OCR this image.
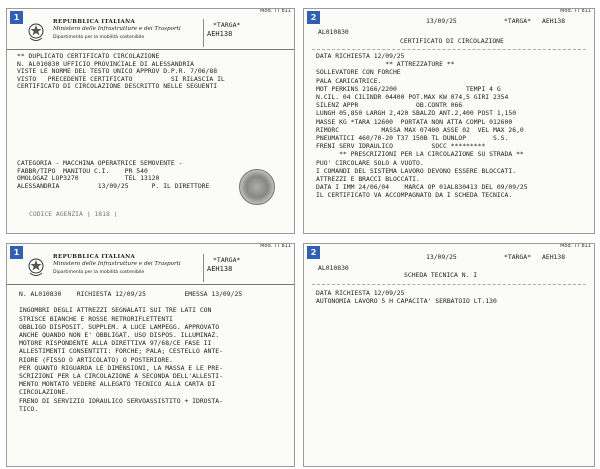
1
Mod. TT 811
REPUBBLICA ITALIANA
Ministero delle Infrastrutture e dei Trasporti
Dipartimento per la mobilità sostenibile
*TARGA*
AEH138
** DUPLICATO CERTIFICATO CIRCOLAZIONE
N. AL010830 UFFICIO PROVINCIALE DI ALESSANDRIA
VISTE LE NORME DEL TESTO UNICO APPROV D.P.R. 7/06/88
VISTO   PRECEDENTE CERTIFICATO          SI RILASCIA IL
CERTIFICATO DI CIRCOLAZIONE DESCRITTO NELLE SEGUENTI
CATEGORIA - MACCHINA OPERATRICE SEMOVENTE -
FABBR/TIPO  MANITOU C.I.    PR 540
OMOLOGAZ LOP3270            TEL 13120
ALESSANDRIA          13/09/25      P. IL DIRETTORE
CODICE AGENZIA ) 1818 (
2
Mod. TT 811
13/09/25	*TARGA* AEH138
AL010830
CERTIFICATO DI CIRCOLAZIONE
DATA RICHIESTA 12/09/25
** ATTREZZATURE **
SOLLEVATORE CON FORCHE
PALA CARICATRICE.
MOT PERKINS 2166/2200                  TEMPI 4 G
N.CIL. 04 CILINDR 04400 POT.MAX KW 074,5 GIRI 2354
SILENZ APPR               OB.CONTR 066
LUNGH 05,850 LARGH 2,420 SBALZO ANT.2,400 POST 1,150
MASSE KG *TARA 12600  PORTATA NON ATTA COMPL 012600
RIMORC           MASSA MAX 07400 ASSE 02  VEL MAX 26,0
PNEUMATICI 460/70-20 T37 150B TL DUNLOP       S.S.
FRENI SERV IDRAULICO          SOCC *********
** PRESCRIZIONI PER LA CIRCOLAZIONE SU STRADA **
PUO' CIRCOLARE SOLO A VUOTO.
I COMANDI DEL SISTEMA LAVORO DEVONO ESSERE BLOCCATI.
ATTREZZI E BRACCI BLOCCATI.
DATA I IMM 24/06/04    MARCA OP 01AL830413 DEL 09/09/25
IL CERTIFICATO VA ACCOMPAGNATO DA I SCHEDA TECNICA.
1
Mod. TT 811
REPUBBLICA ITALIANA
Ministero delle Infrastrutture e dei Trasporti
Dipartimento per la mobilità sostenibile
*TARGA*
AEH138
N. AL010830    RICHIESTA 12/09/25          EMESSA 13/09/25
INGOMBRI DEGLI ATTREZZI SEGNALATI SUI TRE LATI CON
STRISCE BIANCHE E ROSSE RETRORIFLETTENTI
OBBLIGO DISPOSIT. SUPPLEM. A LUCE LAMPEGG. APPROVATO
ANCHE QUANDO NON E' OBBLIGAT. USO DISPOS. ILLUMINAZ.
MOTORE RISPONDENTE ALLA DIRETTIVA 97/68/CE FASE II
ALLESTIMENTI CONSENTITI: FORCHE; PALA; CESTELLO ANTE-
RIORE (FISSO O ARTICOLATO) O POSTERIORE.
PER QUANTO RIGUARDA LE DIMENSIONI, LA MASSA E LE PRE-
SCRIZIONI PER LA CIRCOLAZIONE A SECONDA DELL'ALLESTI-
MENTO MONTATO VEDERE ALLEGATO TECNICO ALLA CARTA DI
CIRCOLAZIONE.
FRENO DI SERVIZIO IDRAULICO SERVOASSISTITO + IDROSTA-
TICO.
2
Mod. TT 811
13/09/25	*TARGA* AEH138
AL010830
SCHEDA TECNICA N. I
DATA RICHIESTA 12/09/25
AUTONOMIA LAVORO 5 H CAPACITA' SERBATOIO LT.130
